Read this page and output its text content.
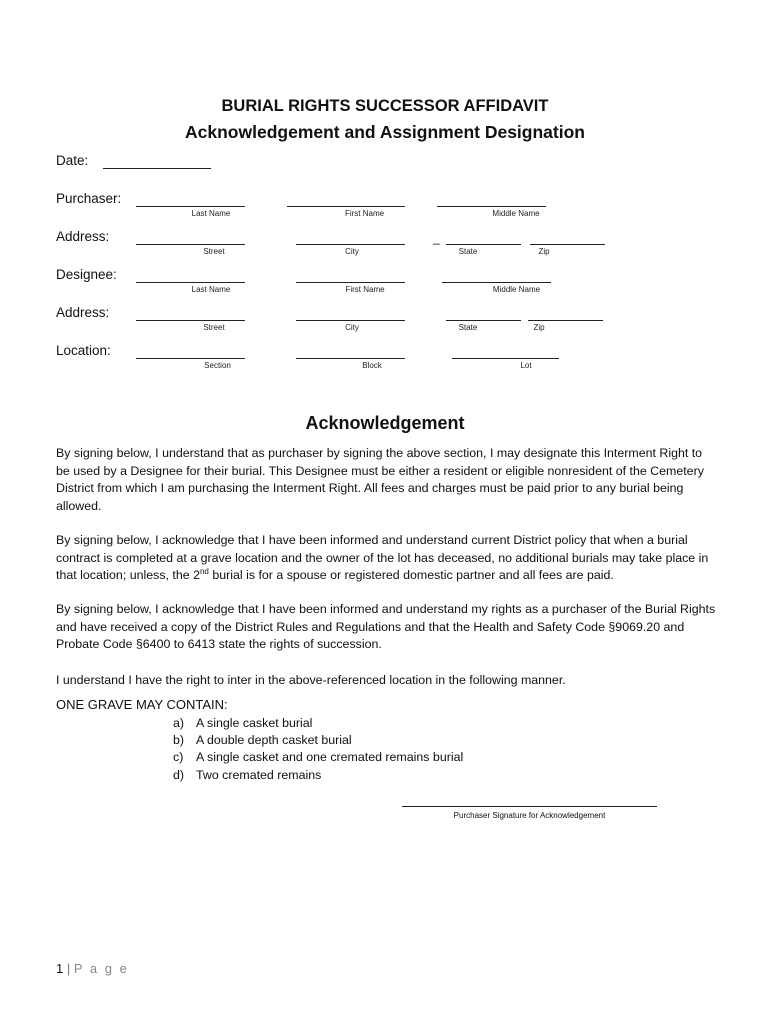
BURIAL RIGHTS SUCCESSOR AFFIDAVIT
Acknowledgement and Assignment Designation
Date:
Purchaser:
Last Name	First Name	Middle Name
Address:	_
Street	City	State	Zip
Designee:
Last Name	First Name	Middle Name
Address:
Street	City	State	Zip
Location:
Section	Block	Lot
Acknowledgement

By signing below, I understand that as purchaser by signing the above section, I may designate this Interment Right to be used by a Designee for their burial. This Designee must be either a resident or eligible nonresident of the Cemetery District from which I am purchasing the Interment Right. All fees and charges must be paid prior to any burial being allowed.

By signing below, I acknowledge that I have been informed and understand current District policy that when a burial contract is completed at a grave location and the owner of the lot has deceased, no additional burials may take place in that location; unless, the 2nd burial is for a spouse or registered domestic partner and all fees are paid.

By signing below, I acknowledge that I have been informed and understand my rights as a purchaser of the Burial Rights and have received a copy of the District Rules and Regulations and that the Health and Safety Code §9069.20 and Probate Code §6400 to 6413 state the rights of succession.

I understand I have the right to inter in the above-referenced location in the following manner.

ONE GRAVE MAY CONTAIN:
a) A single casket burial
b) A double depth casket burial
c) A single casket and one cremated remains burial
d) Two cremated remains
Purchaser Signature for Acknowledgement
1 | P a g e
